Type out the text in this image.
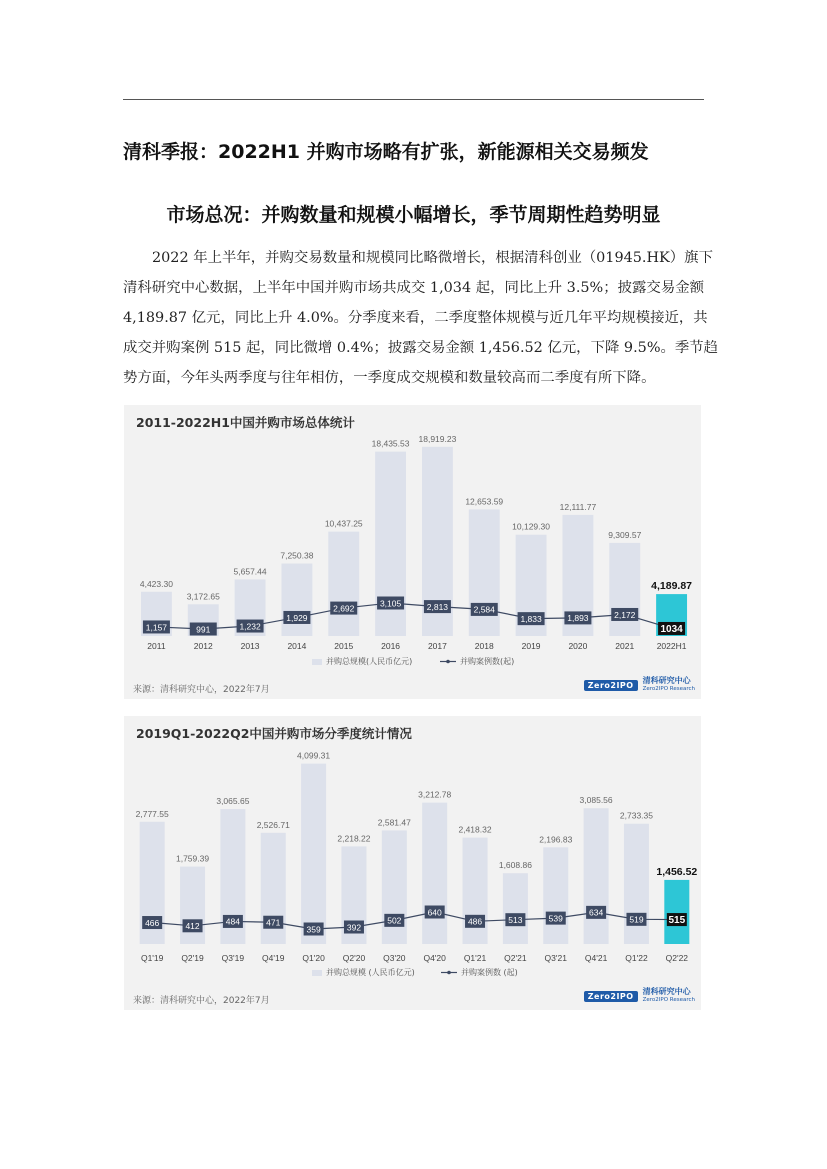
清科季报：2022H1 并购市场略有扩张，新能源相关交易频发
市场总况：并购数量和规模小幅增长，季节周期性趋势明显
2022 年上半年，并购交易数量和规模同比略微增长，根据清科创业（01945.HK）旗下
清科研究中心数据，上半年中国并购市场共成交 1,034 起，同比上升 3.5%；披露交易金额
4,189.87 亿元，同比上升 4.0%。分季度来看，二季度整体规模与近几年平均规模接近，共
成交并购案例 515 起，同比微增 0.4%；披露交易金额 1,456.52 亿元，下降 9.5%。季节趋
势方面，今年头两季度与往年相仿，一季度成交规模和数量较高而二季度有所下降。
4,423.30
2011
3,172.65
2012
5,657.44
2013
7,250.38
2014
10,437.25
2015
18,435.53
2016
18,919.23
2017
12,653.59
2018
10,129.30
2019
12,111.77
2020
9,309.57
2021
4,189.87
2022H1
1,157	991	1,232
1,929
2,692
3,105	2,813	2,584
1,833	1,893	2,172
1034
并购总规模(人民币亿元)	并购案例数(起)
2011-2022H1中国并购市场总体统计
来源：清科研究中心，2022年7月	Zero2IPO	清科研究中心
Zero2IPO Research
2,777.55
Q1'19
1,759.39
Q2'19
3,065.65
Q3'19
2,526.71
Q4'19
4,099.31
Q1'20
2,218.22
Q2'20
2,581.47
Q3'20
3,212.78
Q4'20
2,418.32
Q1'21
1,608.86
Q2'21
2,196.83
Q3'21
3,085.56
Q4'21
2,733.35
Q1'22
1,456.52
Q2'22
466	412	484	471
359	392
502
640
486	513	539
634
519 515
并购总规模 (人民币亿元)	并购案例数 (起)
2019Q1-2022Q2中国并购市场分季度统计情况
来源：清科研究中心，2022年7月	Zero2IPO	清科研究中心
Zero2IPO Research
